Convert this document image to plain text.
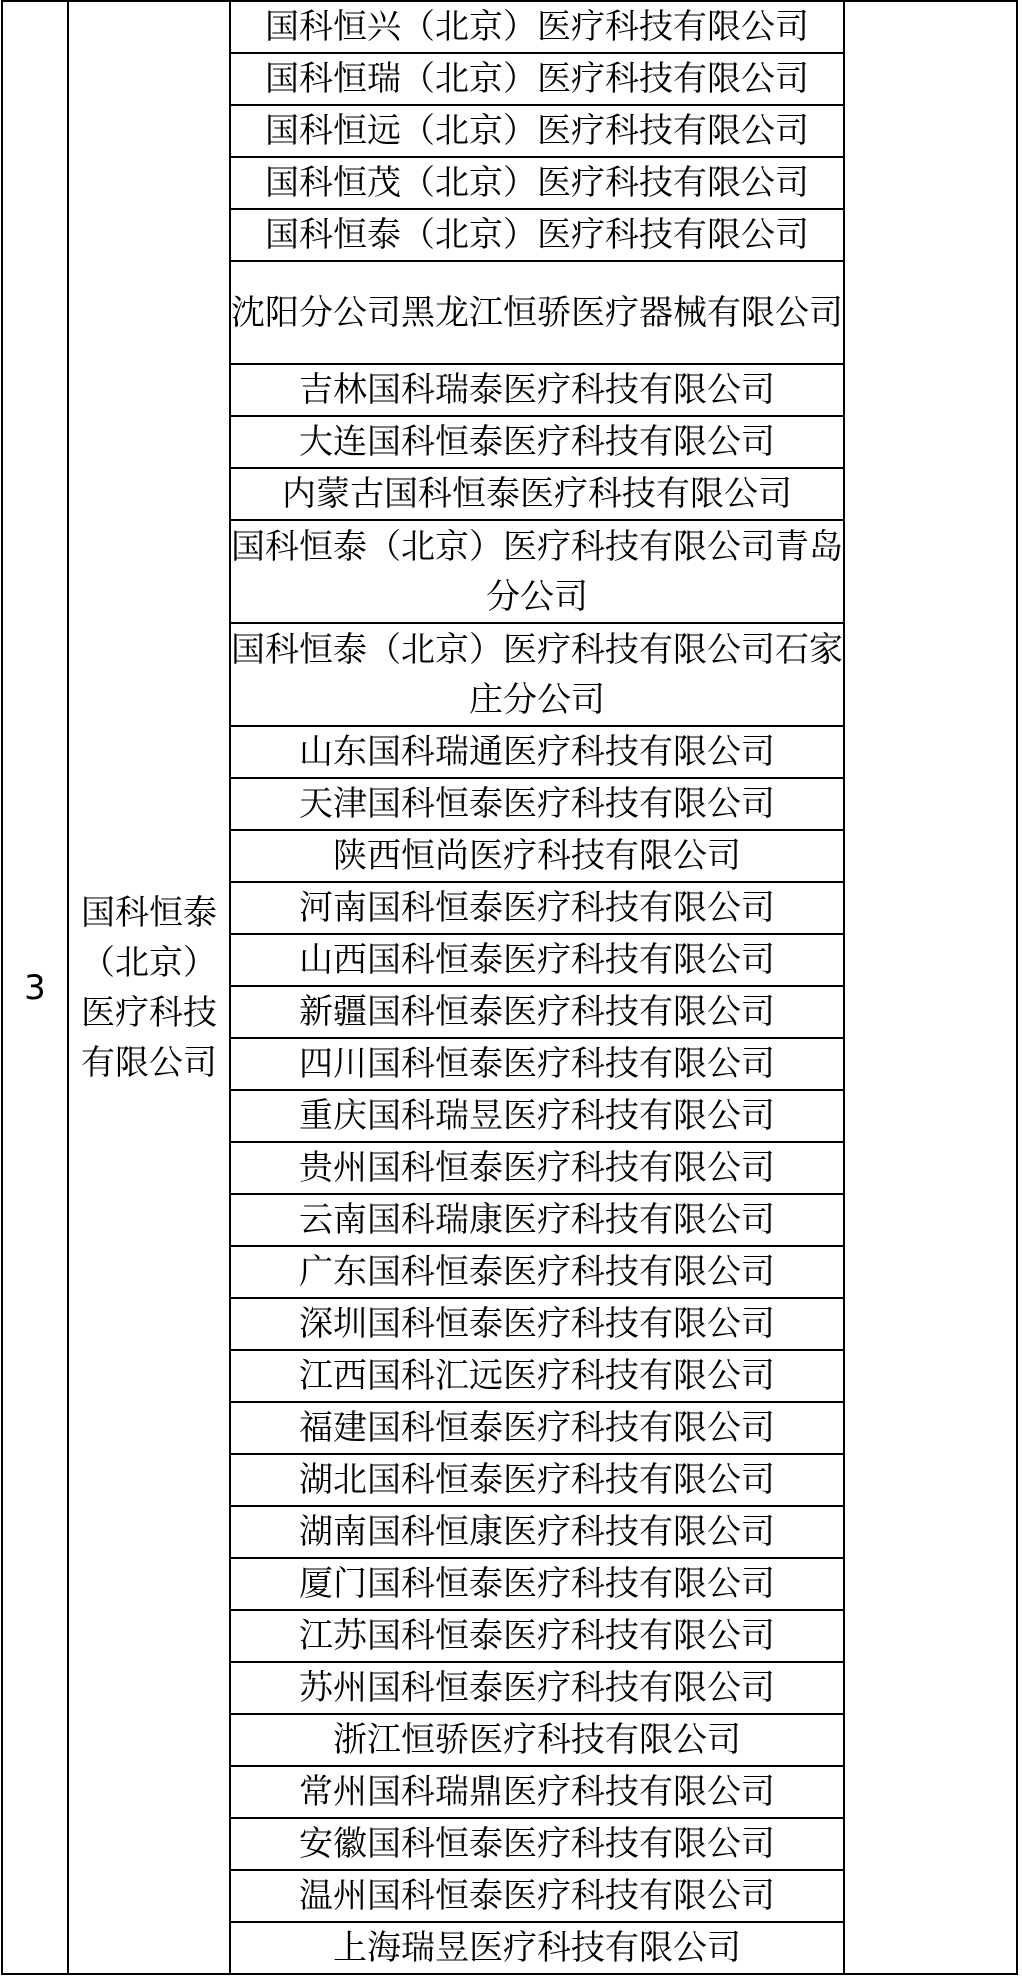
3	国科恒泰（北京）医疗科技有限公司	国科恒兴（北京）医疗科技有限公司	
国科恒瑞（北京）医疗科技有限公司
国科恒远（北京）医疗科技有限公司
国科恒茂（北京）医疗科技有限公司
国科恒泰（北京）医疗科技有限公司
沈阳分公司黑龙江恒骄医疗器械有限公司
吉林国科瑞泰医疗科技有限公司
大连国科恒泰医疗科技有限公司
内蒙古国科恒泰医疗科技有限公司
国科恒泰（北京）医疗科技有限公司青岛分公司
国科恒泰（北京）医疗科技有限公司石家庄分公司
山东国科瑞通医疗科技有限公司
天津国科恒泰医疗科技有限公司
陕西恒尚医疗科技有限公司
河南国科恒泰医疗科技有限公司
山西国科恒泰医疗科技有限公司
新疆国科恒泰医疗科技有限公司
四川国科恒泰医疗科技有限公司
重庆国科瑞昱医疗科技有限公司
贵州国科恒泰医疗科技有限公司
云南国科瑞康医疗科技有限公司
广东国科恒泰医疗科技有限公司
深圳国科恒泰医疗科技有限公司
江西国科汇远医疗科技有限公司
福建国科恒泰医疗科技有限公司
湖北国科恒泰医疗科技有限公司
湖南国科恒康医疗科技有限公司
厦门国科恒泰医疗科技有限公司
江苏国科恒泰医疗科技有限公司
苏州国科恒泰医疗科技有限公司
浙江恒骄医疗科技有限公司
常州国科瑞鼎医疗科技有限公司
安徽国科恒泰医疗科技有限公司
温州国科恒泰医疗科技有限公司
上海瑞昱医疗科技有限公司
